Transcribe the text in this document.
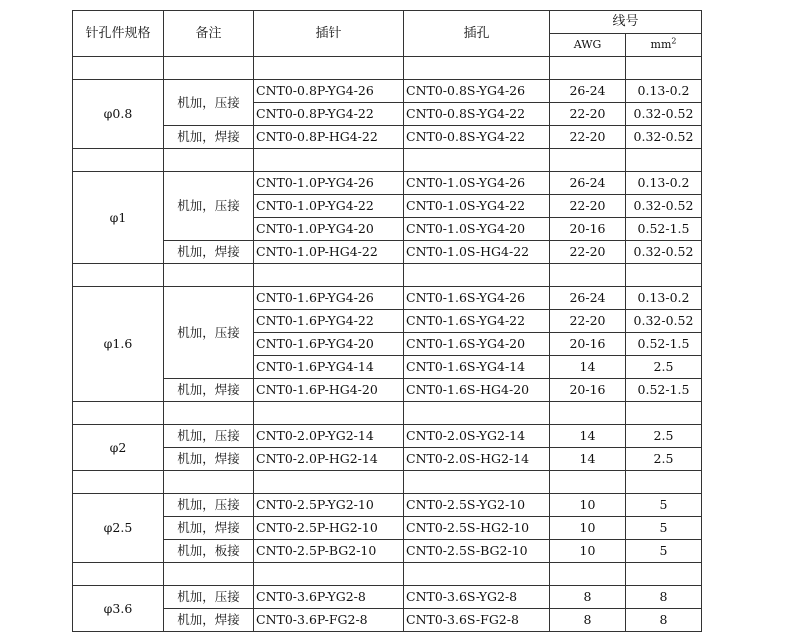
针孔件规格	备注	插针	插孔	线号	
				AWG	$mm^2$

φ0.8	机加，压接	CNT0-0.8P-YG4-26	CNT0-0.8S-YG4-26	26-24	0.13-0.2
		CNT0-0.8P-YG4-22	CNT0-0.8S-YG4-22	22-20	0.32-0.52
	机加，焊接	CNT0-0.8P-HG4-22	CNT0-0.8S-YG4-22	22-20	0.32-0.52

φ1	机加，压接	CNT0-1.0P-YG4-26	CNT0-1.0S-YG4-26	26-24	0.13-0.2
		CNT0-1.0P-YG4-22	CNT0-1.0S-YG4-22	22-20	0.32-0.52
		CNT0-1.0P-YG4-20	CNT0-1.0S-YG4-20	20-16	0.52-1.5
	机加，焊接	CNT0-1.0P-HG4-22	CNT0-1.0S-HG4-22	22-20	0.32-0.52

φ1.6	机加，压接	CNT0-1.6P-YG4-26	CNT0-1.6S-YG4-26	26-24	0.13-0.2
		CNT0-1.6P-YG4-22	CNT0-1.6S-YG4-22	22-20	0.32-0.52
		CNT0-1.6P-YG4-20	CNT0-1.6S-YG4-20	20-16	0.52-1.5
		CNT0-1.6P-YG4-14	CNT0-1.6S-YG4-14	14	2.5
	机加，焊接	CNT0-1.6P-HG4-20	CNT0-1.6S-HG4-20	20-16	0.52-1.5

φ2	机加，压接	CNT0-2.0P-YG2-14	CNT0-2.0S-YG2-14	14	2.5
	机加，焊接	CNT0-2.0P-HG2-14	CNT0-2.0S-HG2-14	14	2.5

φ2.5	机加，压接	CNT0-2.5P-YG2-10	CNT0-2.5S-YG2-10	10	5
	机加，焊接	CNT0-2.5P-HG2-10	CNT0-2.5S-HG2-10	10	5
	机加，板接	CNT0-2.5P-BG2-10	CNT0-2.5S-BG2-10	10	5

φ3.6	机加，压接	CNT0-3.6P-YG2-8	CNT0-3.6S-YG2-8	8	8
	机加，焊接	CNT0-3.6P-FG2-8	CNT0-3.6S-FG2-8	8	8
